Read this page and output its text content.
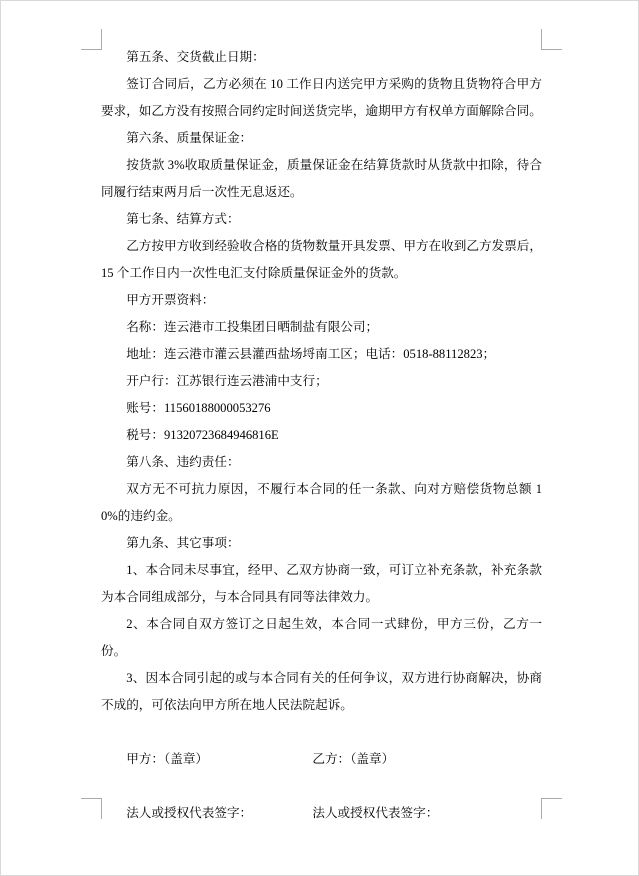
第五条、交货截止日期：

签订合同后，乙方必须在 10 工作日内送完甲方采购的货物且货物符合甲方要求，如乙方没有按照合同约定时间送货完毕，逾期甲方有权单方面解除合同。

第六条、质量保证金：

按货款 3%收取质量保证金，质量保证金在结算货款时从货款中扣除，待合同履行结束两月后一次性无息返还。

第七条、结算方式：

乙方按甲方收到经验收合格的货物数量开具发票、甲方在收到乙方发票后，15 个工作日内一次性电汇支付除质量保证金外的货款。

甲方开票资料：

名称：连云港市工投集团日晒制盐有限公司；

地址：连云港市灌云县灌西盐场埒南工区；电话：0518-88112823；

开户行：江苏银行连云港浦中支行；

账号：11560188000053276

税号：91320723684946816E

第八条、违约责任：

双方无不可抗力原因，不履行本合同的任一条款、向对方赔偿货物总额 10%的违约金。

第九条、其它事项：

1、本合同未尽事宜，经甲、乙双方协商一致，可订立补充条款，补充条款为本合同组成部分，与本合同具有同等法律效力。

2、本合同自双方签订之日起生效，本合同一式肆份，甲方三份，乙方一份。

3、因本合同引起的或与本合同有关的任何争议，双方进行协商解决，协商不成的，可依法向甲方所在地人民法院起诉。

甲方：（盖章）	乙方：（盖章）
法人或授权代表签字：	法人或授权代表签字：
